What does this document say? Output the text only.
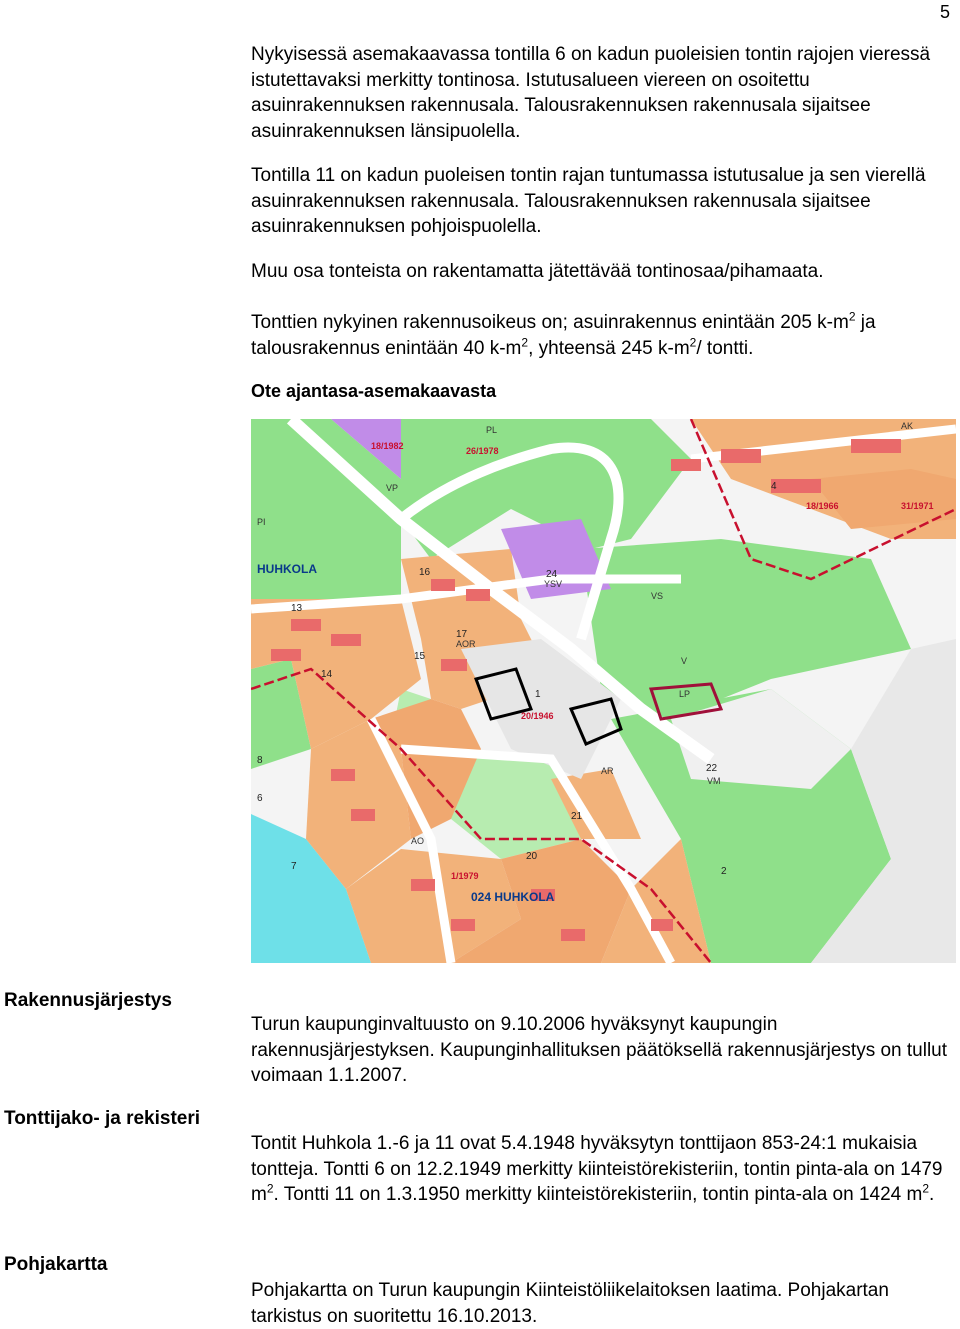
5

Nykyisessä asemakaavassa tontilla 6 on kadun puoleisien tontin rajojen vieressä istutettavaksi merkitty tontinosa. Istutusalueen viereen on osoitettu asuinrakennuksen rakennusala. Talousrakennuksen rakennusala sijaitsee asuinrakennuksen länsipuolella.

Tontilla 11 on kadun puoleisen tontin rajan tuntumassa istutusalue ja sen vierellä asuinrakennuksen rakennusala. Talousrakennuksen rakennusala sijaitsee asuinrakennuksen pohjoispuolella.

Muu osa tonteista on rakentamatta jätettävää tontinosaa/pihamaata.

Tonttien nykyinen rakennusoikeus on; asuinrakennus enintään 205 $k-m^2$ ja talousrakennus enintään 40 $k-m^2$, yhteensä 245 $k-m^2/$ tontti.

Ote ajantasa-asemakaavasta

HUHKOLA
024 HUHKOLA
16
17
15
24
14
13
8
20
4
6
7
1
22
21
2
PL
VP
YSV
AOR
AR
AK
VM
VS
LP
AO
PI
V
26/1978
18/1982
18/1966	31/1971
20/1946
1/1979
Rakennusjärjestys

Turun kaupunginvaltuusto on 9.10.2006 hyväksynyt kaupungin rakennusjärjestyksen. Kaupunginhallituksen päätöksellä rakennusjärjestys on tullut voimaan 1.1.2007.

Tonttijako- ja rekisteri

Tontit Huhkola 1.-6 ja 11 ovat 5.4.1948 hyväksytyn tonttijaon 853-24:1 mukaisia tontteja. Tontti 6 on 12.2.1949 merkitty kiinteistörekisteriin, tontin pinta-ala on 1479 $m^2$. Tontti 11 on 1.3.1950 merkitty kiinteistörekisteriin, tontin pinta-ala on 1424 $m^2$.

Pohjakartta

Pohjakartta on Turun kaupungin Kiinteistöliikelaitoksen laatima. Pohjakartan tarkistus on suoritettu 16.10.2013.
